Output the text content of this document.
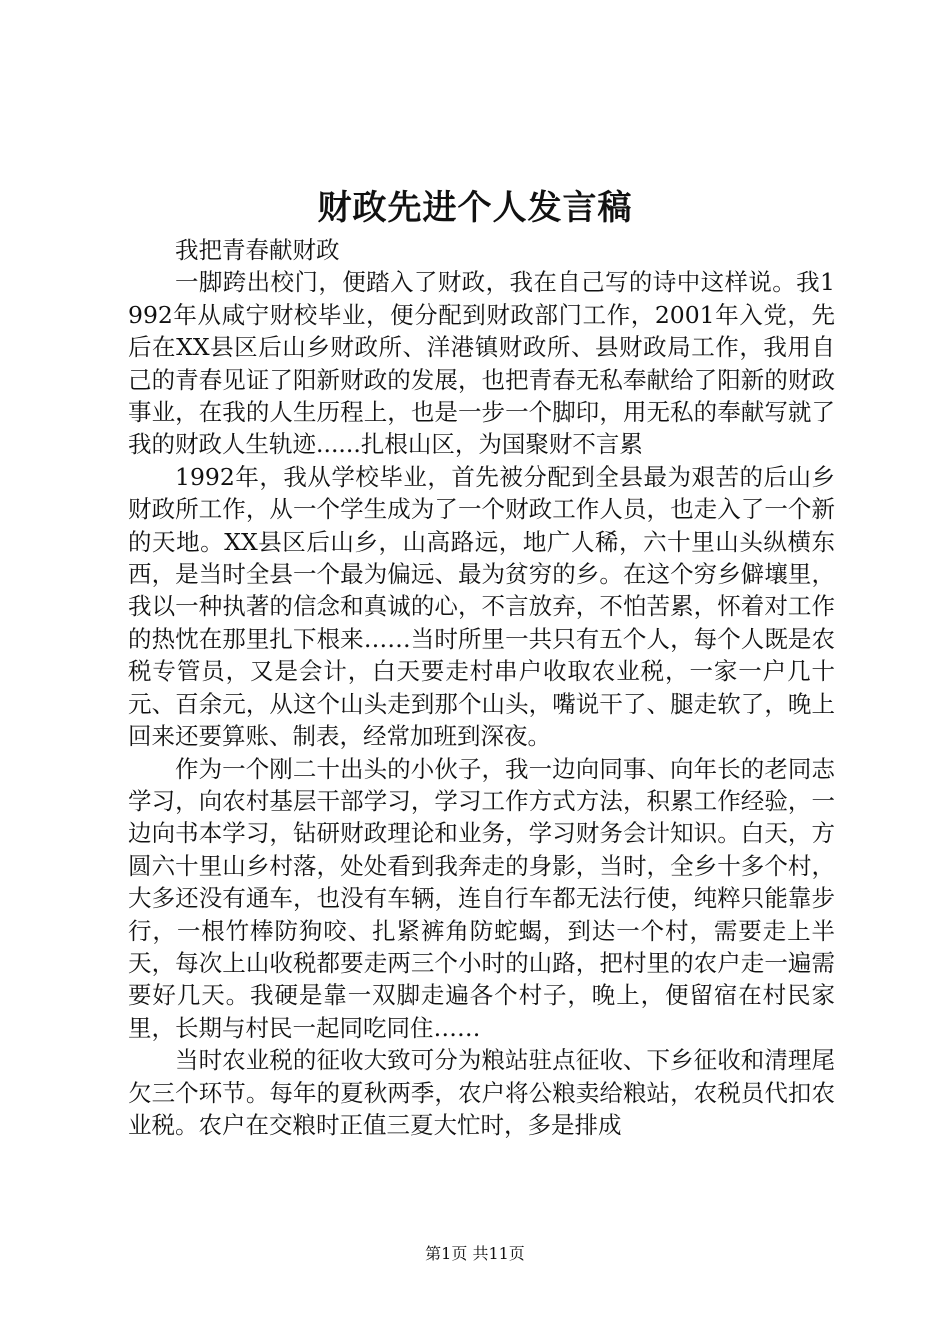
财政先进个人发言稿

我把青春献财政

一脚跨出校门，便踏入了财政，我在自己写的诗中这样说。我1992年从咸宁财校毕业，便分配到财政部门工作，2001年入党，先后在XX县区后山乡财政所、洋港镇财政所、县财政局工作，我用自己的青春见证了阳新财政的发展，也把青春无私奉献给了阳新的财政事业，在我的人生历程上，也是一步一个脚印，用无私的奉献写就了我的财政人生轨迹......扎根山区，为国聚财不言累

1992年，我从学校毕业，首先被分配到全县最为艰苦的后山乡财政所工作，从一个学生成为了一个财政工作人员，也走入了一个新的天地。XX县区后山乡，山高路远，地广人稀，六十里山头纵横东西，是当时全县一个最为偏远、最为贫穷的乡。在这个穷乡僻壤里，我以一种执著的信念和真诚的心，不言放弃，不怕苦累，怀着对工作的热忱在那里扎下根来……当时所里一共只有五个人，每个人既是农税专管员，又是会计，白天要走村串户收取农业税，一家一户几十元、百余元，从这个山头走到那个山头，嘴说干了、腿走软了，晚上回来还要算账、制表，经常加班到深夜。

作为一个刚二十出头的小伙子，我一边向同事、向年长的老同志学习，向农村基层干部学习，学习工作方式方法，积累工作经验，一边向书本学习，钻研财政理论和业务，学习财务会计知识。白天，方圆六十里山乡村落，处处看到我奔走的身影，当时，全乡十多个村，大多还没有通车，也没有车辆，连自行车都无法行使，纯粹只能靠步行，一根竹棒防狗咬、扎紧裤角防蛇蝎，到达一个村，需要走上半天，每次上山收税都要走两三个小时的山路，把村里的农户走一遍需要好几天。我硬是靠一双脚走遍各个村子，晚上，便留宿在村民家里，长期与村民一起同吃同住……

当时农业税的征收大致可分为粮站驻点征收、下乡征收和清理尾欠三个环节。每年的夏秋两季，农户将公粮卖给粮站，农税员代扣农业税。农户在交粮时正值三夏大忙时，多是排成

第1页 共11页
